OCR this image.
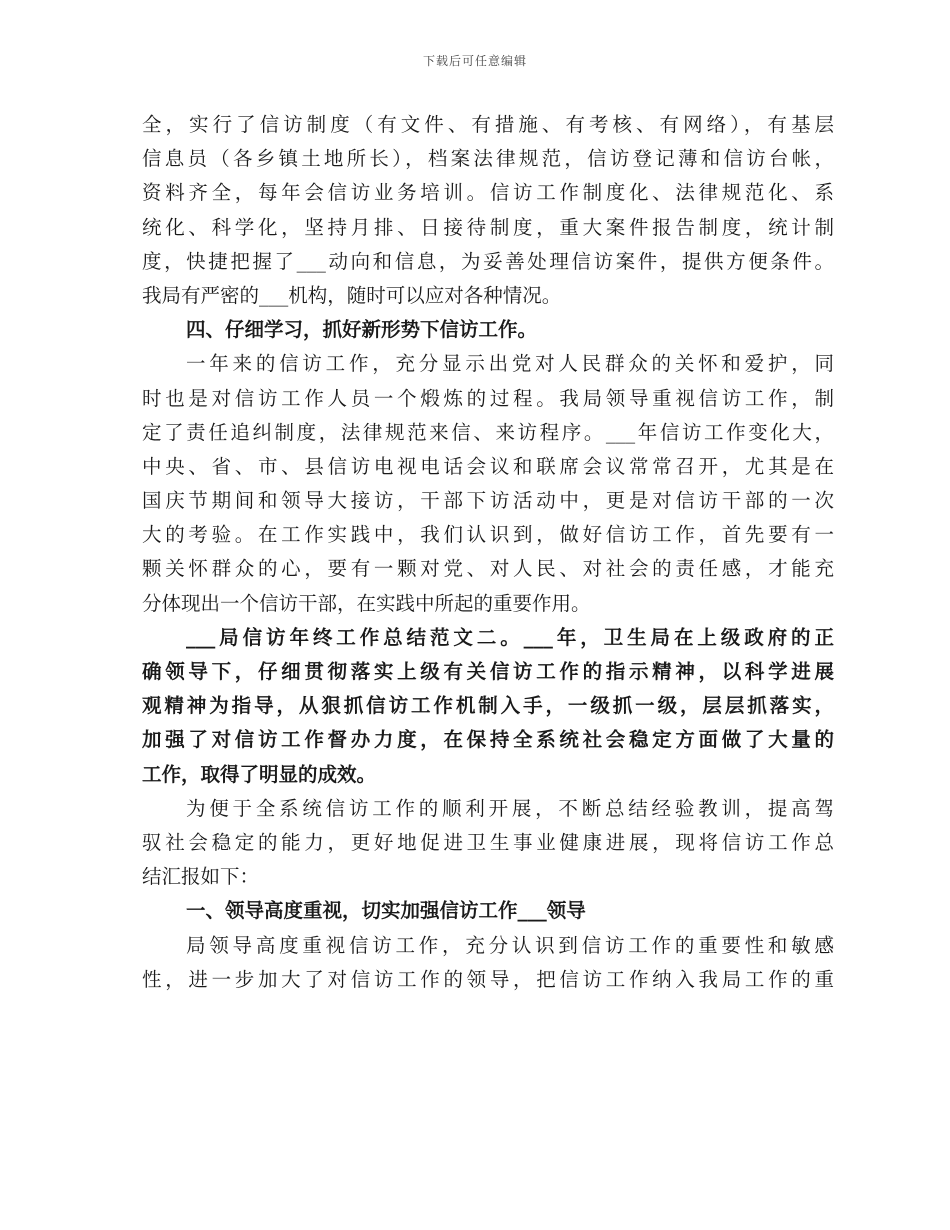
下载后可任意编辑
全，实行了信访制度（有文件、有措施、有考核、有网络），有基层
信息员（各乡镇土地所长），档案法律规范，信访登记薄和信访台帐，
资料齐全，每年会信访业务培训。信访工作制度化、法律规范化、系
统化、科学化，坚持月排、日接待制度，重大案件报告制度，统计制
度，快捷把握了___动向和信息，为妥善处理信访案件，提供方便条件。
我局有严密的___机构，随时可以应对各种情况。
四、仔细学习，抓好新形势下信访工作。
一年来的信访工作，充分显示出党对人民群众的关怀和爱护，同
时也是对信访工作人员一个煅炼的过程。我局领导重视信访工作，制
定了责任追纠制度，法律规范来信、来访程序。___年信访工作变化大，
中央、省、市、县信访电视电话会议和联席会议常常召开，尤其是在
国庆节期间和领导大接访，干部下访活动中，更是对信访干部的一次
大的考验。在工作实践中，我们认识到，做好信访工作，首先要有一
颗关怀群众的心，要有一颗对党、对人民、对社会的责任感，才能充
分体现出一个信访干部，在实践中所起的重要作用。
___局信访年终工作总结范文二。___年，卫生局在上级政府的正
确领导下，仔细贯彻落实上级有关信访工作的指示精神，以科学进展
观精神为指导，从狠抓信访工作机制入手，一级抓一级，层层抓落实，
加强了对信访工作督办力度，在保持全系统社会稳定方面做了大量的
工作，取得了明显的成效。
为便于全系统信访工作的顺利开展，不断总结经验教训，提高驾
驭社会稳定的能力，更好地促进卫生事业健康进展，现将信访工作总
结汇报如下：
一、领导高度重视，切实加强信访工作___领导
局领导高度重视信访工作，充分认识到信访工作的重要性和敏感
性，进一步加大了对信访工作的领导，把信访工作纳入我局工作的重
